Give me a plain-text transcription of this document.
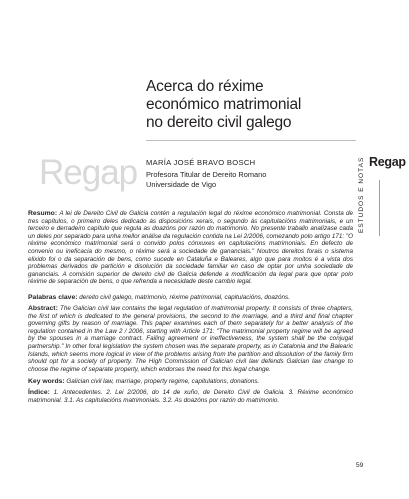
Acerca do réxime
económico matrimonial
no dereito civil galego
Regap MARÍA JOSÉ BRAVO BOSCH
Profesora Titular de Dereito Romano
Universidade de Vigo
Regap
ESTUDOS E NOTAS

Resumo: A lei de Dereito Civil de Galicia contén a regulación legal do réxime económico matrimonial. Consta de tres capítulos, o primeiro deles dedicado ás disposicións xerais, o segundo ás capitulacións matrimoniais, e un terceiro e derradeiro capítulo que regula as doazóns por razón do matrimonio. No presente traballo analízase cada un deles por separado para unha mellor análise da regulación contida na Lei 2/2006, comezando polo artigo 171: "O réxime económico matrimonial será o convido polos cónxuxes en capitulacións matrimoniais. En defecto de convenio ou ineficacia do mesmo, o réxime será a sociedade de gananciais." Noutros dereitos forais o sistema elixido foi o da separación de bens, como sucede en Cataluña e Baleares, algo que para moitos é a vista dos problemas derivados de partición e disolución da sociedade familiar en caso de optar por unha sociedade de gananciais. A comisión superior de dereito civil de Galicia defende a modificación da legal para que optar polo réxime de separación de bens, o que refrenda a necesidade deste cambio legal.

Palabras clave: dereito civil galego, matrimonio, réxime patrimonial, capitulacións, doazóns.

Abstract: The Galician civil law contains the legal regulation of matrimonial property. It consists of three chapters, the first of which is dedicated to the general provisions, the second to the marriage, and a third and final chapter governing gifts by reason of marriage. This paper examines each of them separately for a better analysis of the regulation contained in the Law 2 / 2006, starting with Article 171: "The matrimonial property regime will be agreed by the spouses in a marriage contract. Failing agreement or ineffectiveness, the system shall be the conjugal partnership." In other foral legislation the system chosen was the separate property, as in Catalonia and the Balearic Islands, which seems more logical in view of the problems arising from the partition and dissolution of the family firm should opt for a society of property. The High Commission of Galician civil law defends Galician law change to choose the regime of separate property, which endorses the need for this legal change.

Key words: Galician civil law, marriage, property regime, capitulations, donations.

Índice: 1. Antecedentes. 2. Lei 2/2006, do 14 de xuño, de Dereito Civil de Galicia. 3. Réxime económico matrimonial. 3.1. As capitulacións matrimoniais. 3.2. As doazóns por razón do matrimonio.

59
